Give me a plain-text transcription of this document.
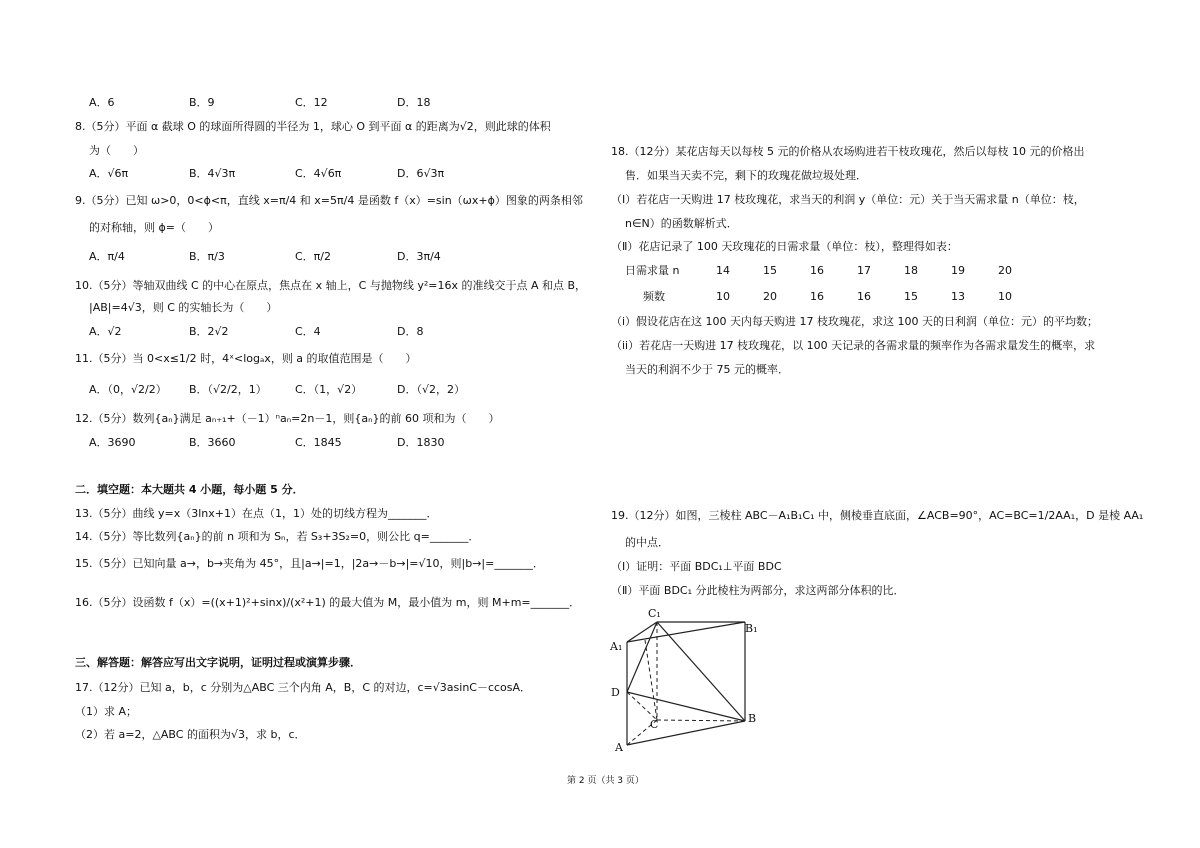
A．6	B．9	C．12	D．18
8.（5分）平面 α 截球 O 的球面所得圆的半径为 1，球心 O 到平面 α 的距离为√2，则此球的体积
为（　　）
A．√6π	B．4√3π	C．4√6π	D．6√3π
9.（5分）已知 ω>0，0<ϕ<π，直线 x=π/4 和 x=5π/4 是函数 f（x）=sin（ωx+ϕ）图象的两条相邻
的对称轴，则 ϕ=（　　）
A．π/4	B．π/3	C．π/2	D．3π/4
10.（5分）等轴双曲线 C 的中心在原点，焦点在 x 轴上，C 与抛物线 y²=16x 的准线交于点 A 和点 B，
|AB|=4√3，则 C 的实轴长为（　　）
A．√2	B．2√2	C．4	D．8
11.（5分）当 0<x≤1/2 时，4ˣ<logₐx，则 a 的取值范围是（　　）
A．（0，√2/2） B．（√2/2，1）	C．（1，√2）	D．（√2，2）
12.（5分）数列{aₙ}满足 aₙ₊₁+（－1）ⁿaₙ=2n－1，则{aₙ}的前 60 项和为（　　）
A．3690	B．3660	C．1845	D．1830
二．填空题：本大题共 4 小题，每小题 5 分．
13.（5分）曲线 y=x（3lnx+1）在点（1，1）处的切线方程为_______．
14.（5分）等比数列{aₙ}的前 n 项和为 Sₙ，若 S₃+3S₂=0，则公比 q=_______．
15.（5分）已知向量 a→，b→夹角为 45°，且|a→|=1，|2a→－b→|=√10，则|b→|=_______．
16.（5分）设函数 f（x）=((x+1)²+sinx)/(x²+1) 的最大值为 M，最小值为 m，则 M+m=_______．
三、解答题：解答应写出文字说明，证明过程或演算步骤．
17.（12分）已知 a，b，c 分别为△ABC 三个内角 A，B，C 的对边，c=√3asinC－ccosA．
（1）求 A；
（2）若 a=2，△ABC 的面积为√3，求 b，c．
18.（12分）某花店每天以每枝 5 元的价格从农场购进若干枝玫瑰花，然后以每枝 10 元的价格出
售．如果当天卖不完，剩下的玫瑰花做垃圾处理．
（Ⅰ）若花店一天购进 17 枝玫瑰花，求当天的利润 y（单位：元）关于当天需求量 n（单位：枝，
n∈N）的函数解析式．
（Ⅱ）花店记录了 100 天玫瑰花的日需求量（单位：枝），整理得如表：
日需求量 n	14	15	16	17	18	19	20
频数	10	20	16	16	15	13	10
（i）假设花店在这 100 天内每天购进 17 枝玫瑰花，求这 100 天的日利润（单位：元）的平均数；
（ii）若花店一天购进 17 枝玫瑰花，以 100 天记录的各需求量的频率作为各需求量发生的概率，求
当天的利润不少于 75 元的概率．
19.（12分）如图，三棱柱 ABC－A₁B₁C₁ 中，侧棱垂直底面，∠ACB=90°，AC=BC=1/2AA₁，D 是棱 AA₁
的中点．
（Ⅰ）证明：平面 BDC₁⊥平面 BDC
（Ⅱ）平面 BDC₁ 分此棱柱为两部分，求这两部分体积的比．
C₁
B₁
A₁
D
C	B
A
第 2 页（共 3 页）
